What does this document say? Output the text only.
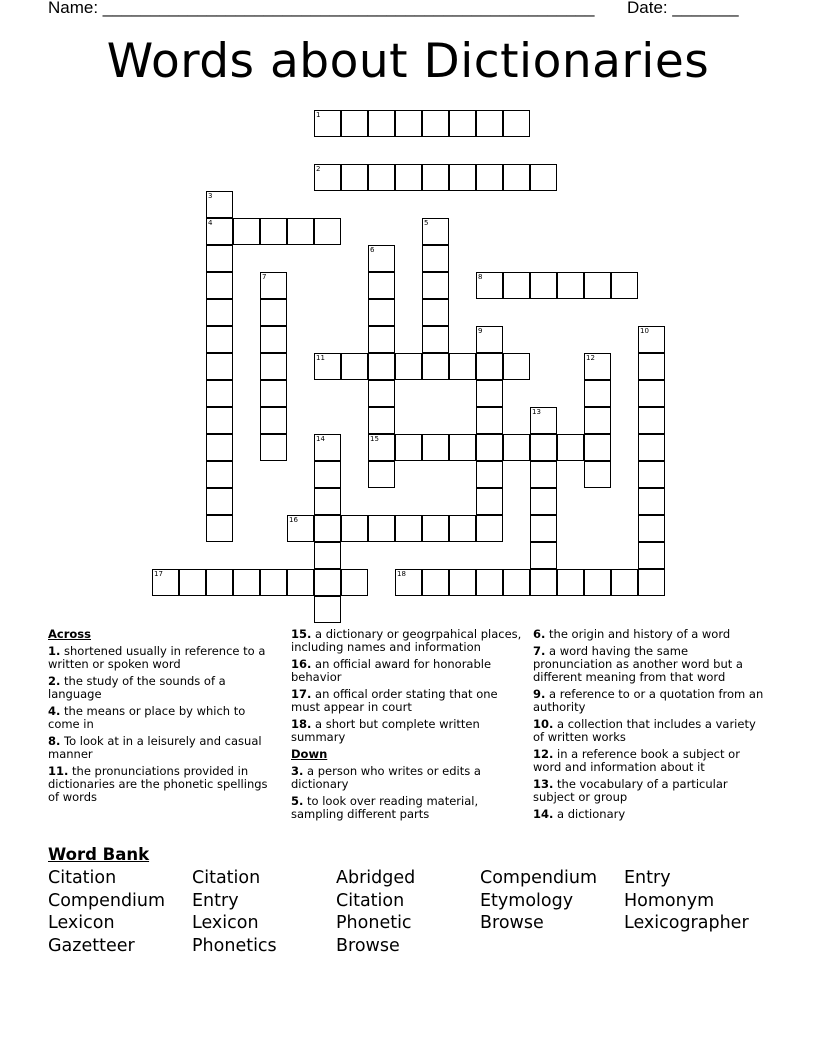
Name: ____________________________________________________ Date: _______
Words about Dictionaries
1
2
3
4	5
6
7	8
9	10
11	12
13
14	15
16
17	18
Across
1. shortened usually in reference to a written or spoken word
2. the study of the sounds of a language
4. the means or place by which to come in
8. To look at in a leisurely and casual manner
11. the pronunciations provided in dictionaries are the phonetic spellings of words
15. a dictionary or geogrpahical places, including names and information
16. an official award for honorable behavior
17. an offical order stating that one must appear in court
18. a short but complete written summary
Down
3. a person who writes or edits a dictionary
5. to look over reading material, sampling different parts
6. the origin and history of a word
7. a word having the same pronunciation as another word but a different meaning from that word
9. a reference to or a quotation from an authority
10. a collection that includes a variety of written works
12. in a reference book a subject or word and information about it
13. the vocabulary of a particular subject or group
14. a dictionary
Word Bank
Citation
Compendium
Lexicon
Gazetteer
Citation
Entry
Lexicon
Phonetics
Abridged
Citation
Phonetic
Browse
Compendium
Etymology
Browse
Entry
Homonym
Lexicographer
